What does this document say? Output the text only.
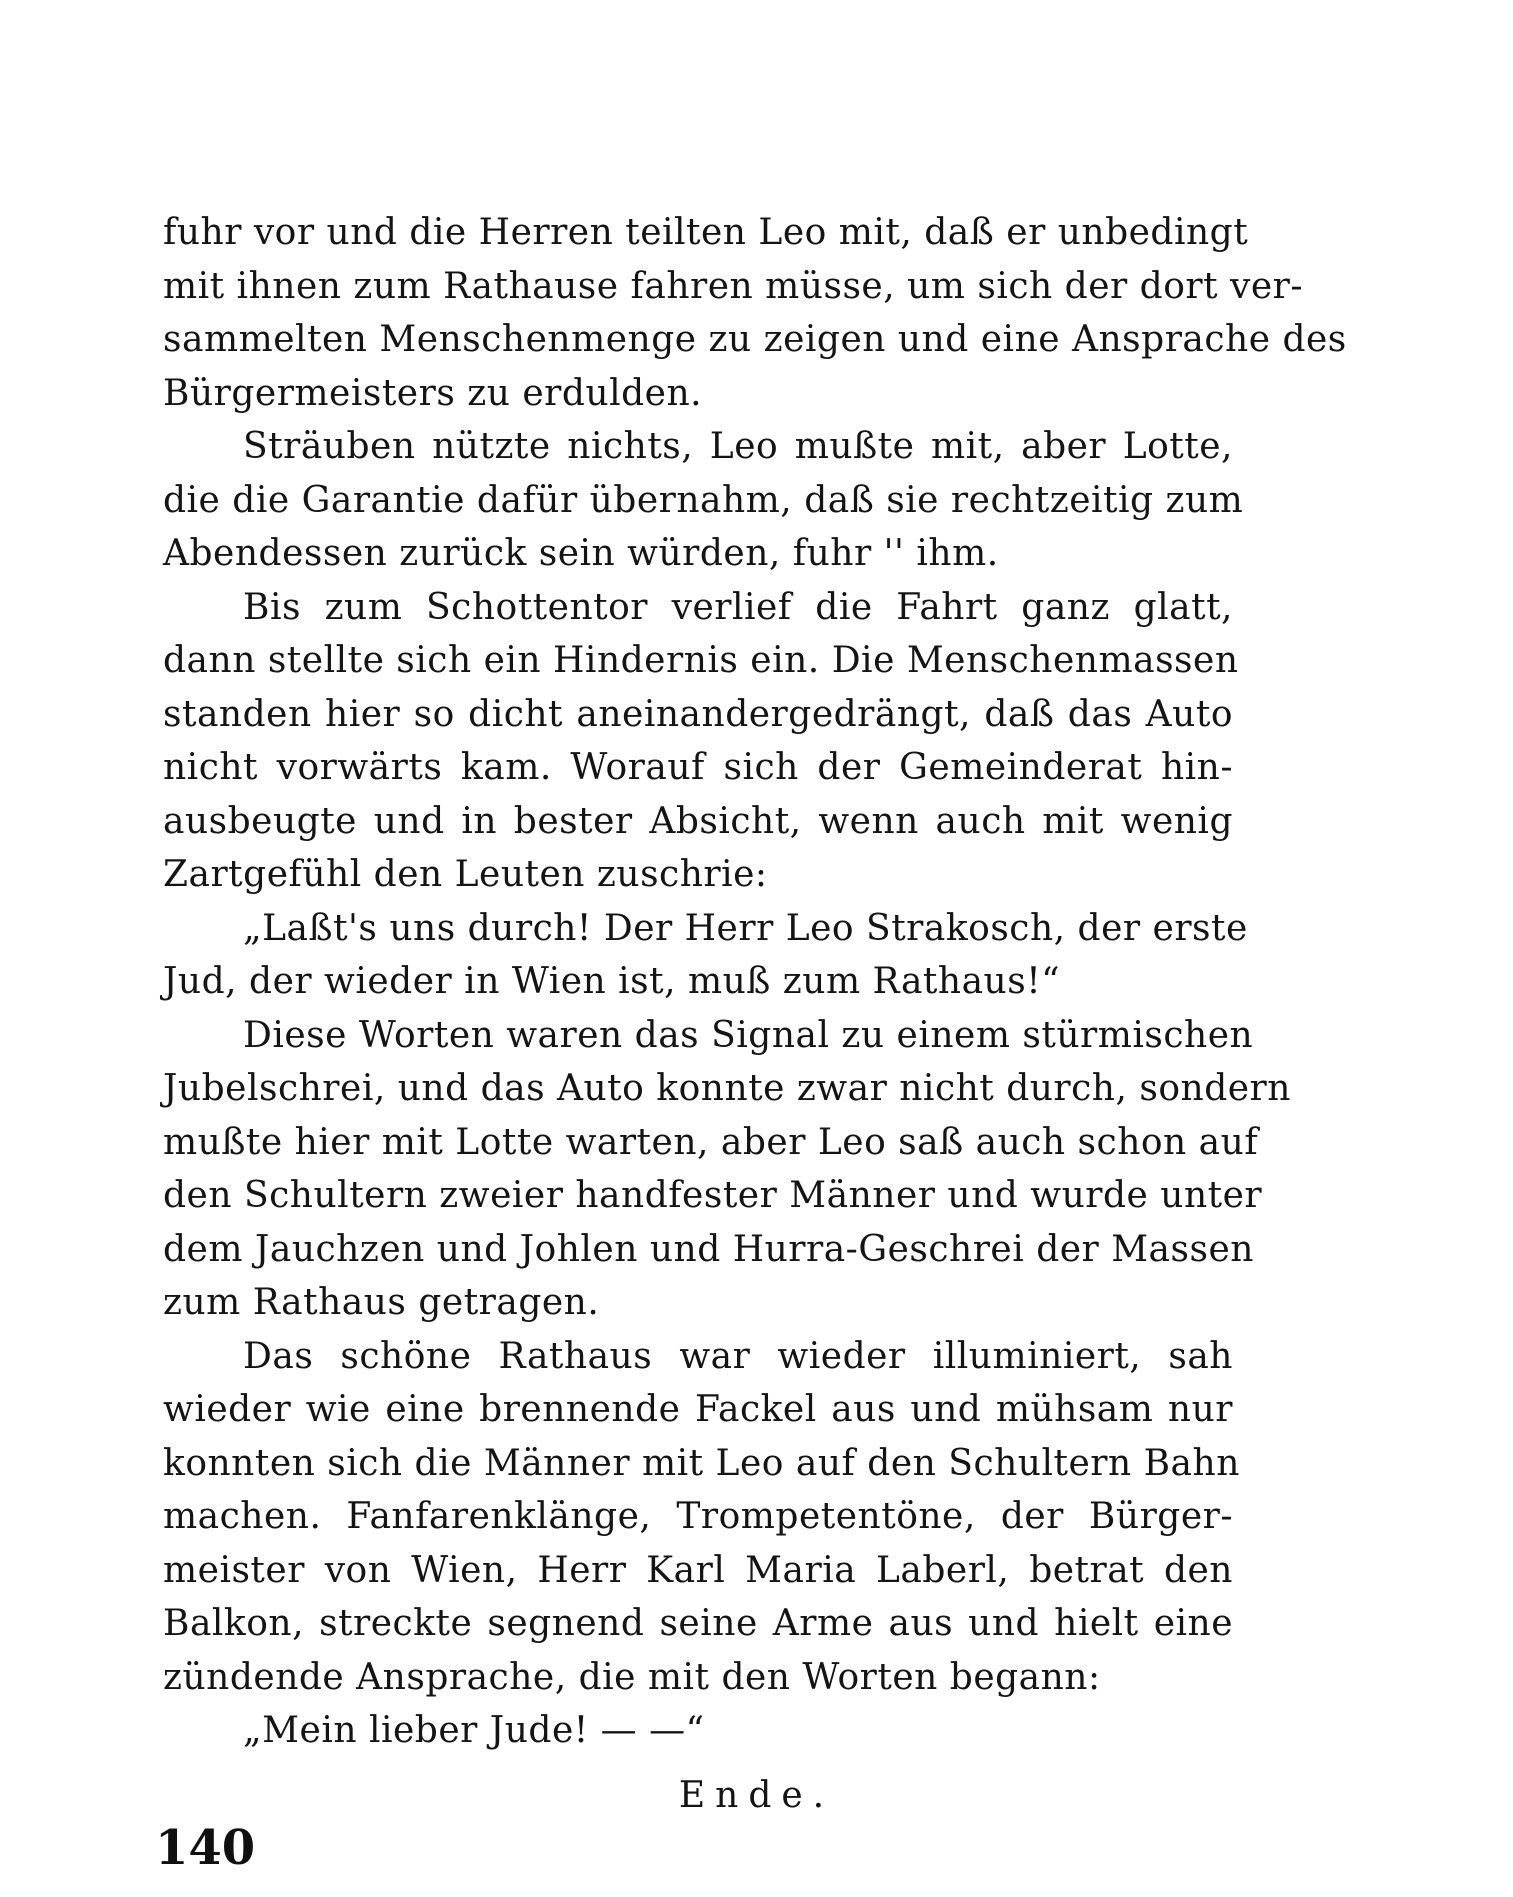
fuhr vor und die Herren teilten Leo mit, daß er unbedingt
mit ihnen zum Rathause fahren müsse, um sich der dort ver-
sammelten Menschenmenge zu zeigen und eine Ansprache des
Bürgermeisters zu erdulden.
Sträuben nützte nichts, Leo mußte mit, aber Lotte,
die die Garantie dafür übernahm, daß sie rechtzeitig zum
Abendessen zurück sein würden, fuhr '' ihm.
Bis zum Schottentor verlief die Fahrt ganz glatt,
dann stellte sich ein Hindernis ein. Die Menschenmassen
standen hier so dicht aneinandergedrängt, daß das Auto
nicht vorwärts kam. Worauf sich der Gemeinderat hin-
ausbeugte und in bester Absicht, wenn auch mit wenig
Zartgefühl den Leuten zuschrie:
„Laßt's uns durch! Der Herr Leo Strakosch, der erste
Jud, der wieder in Wien ist, muß zum Rathaus!“
Diese Worten waren das Signal zu einem stürmischen
Jubelschrei, und das Auto konnte zwar nicht durch, sondern
mußte hier mit Lotte warten, aber Leo saß auch schon auf
den Schultern zweier handfester Männer und wurde unter
dem Jauchzen und Johlen und Hurra-Geschrei der Massen
zum Rathaus getragen.
Das schöne Rathaus war wieder illuminiert, sah
wieder wie eine brennende Fackel aus und mühsam nur
konnten sich die Männer mit Leo auf den Schultern Bahn
machen. Fanfarenklänge, Trompetentöne, der Bürger-
meister von Wien, Herr Karl Maria Laberl, betrat den
Balkon, streckte segnend seine Arme aus und hielt eine
zündende Ansprache, die mit den Worten begann:
„Mein lieber Jude! — —“
Ende.
140
